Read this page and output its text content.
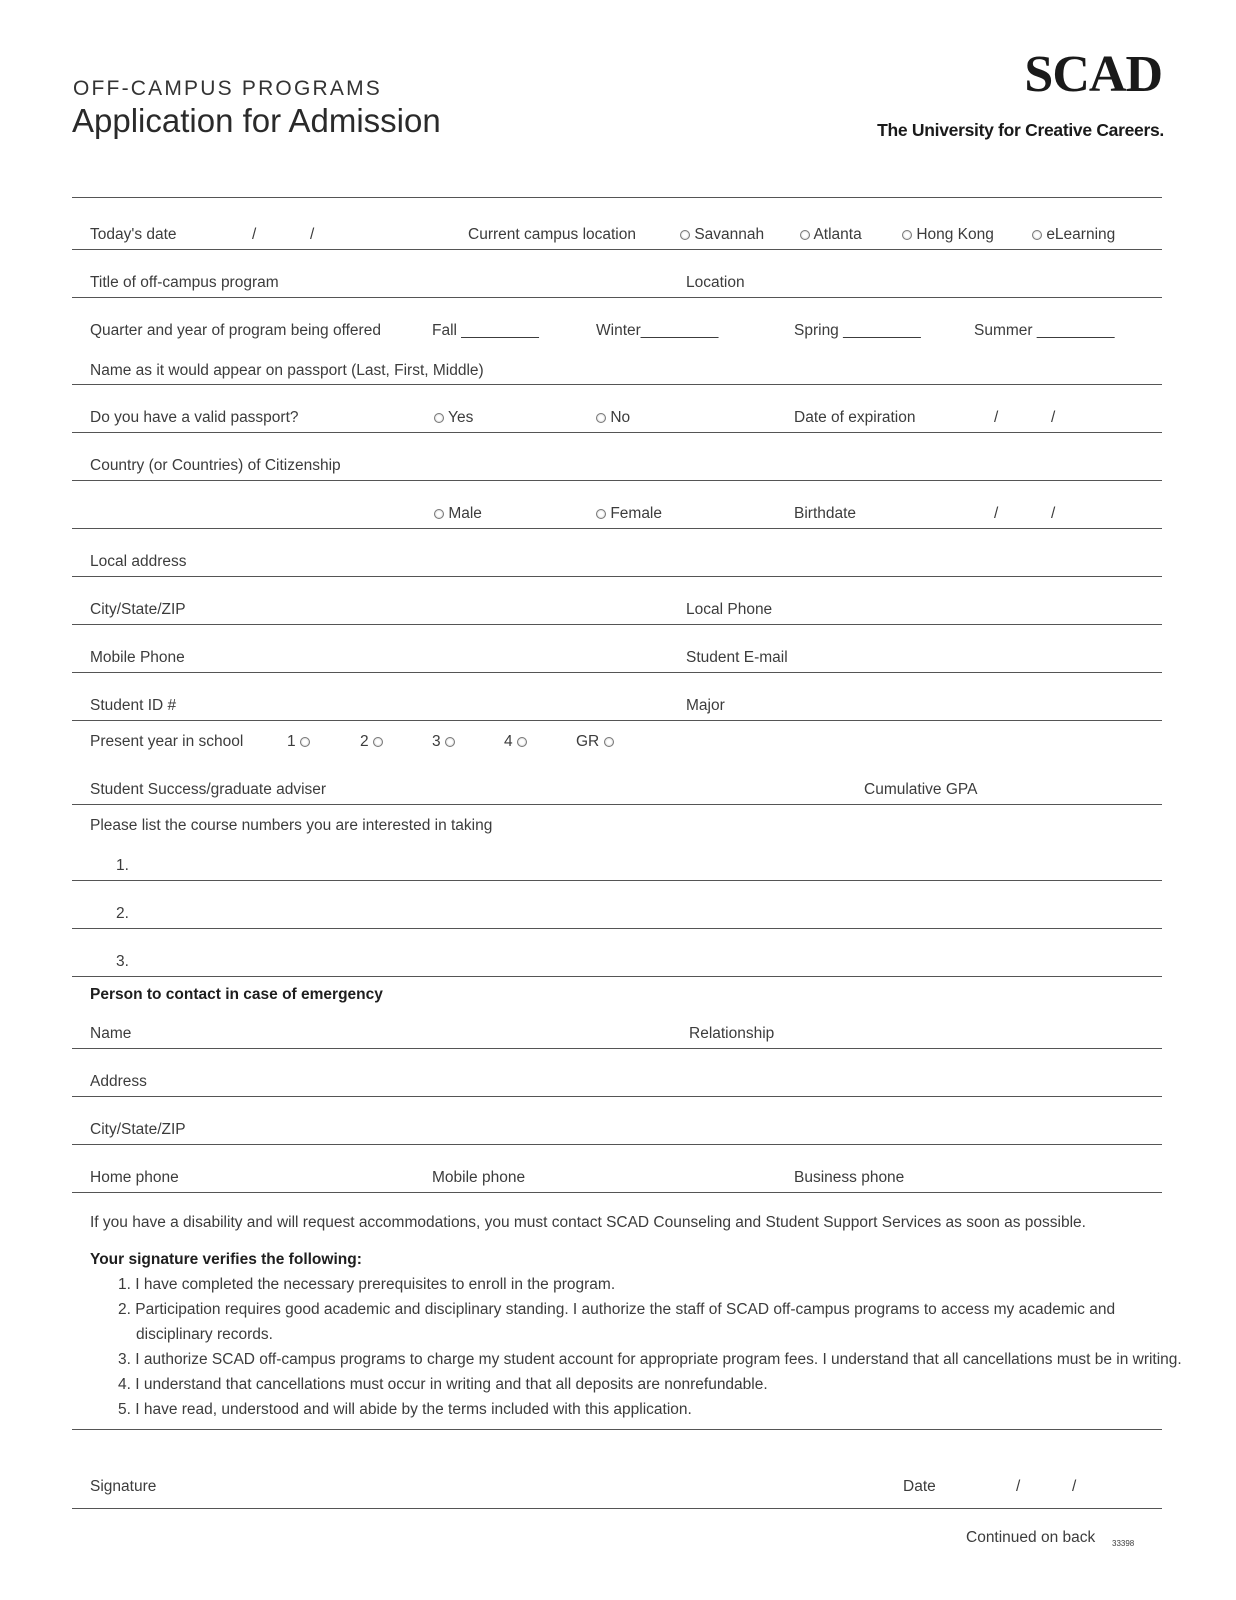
OFF-CAMPUS PROGRAMS
Application for Admission
SCAD
The University for Creative Careers.
Today's date	/	/	Current campus location	Savannah	Atlanta	Hong Kong	eLearning
Title of off-campus program	Location
Quarter and year of program being offered	Fall _________	Winter_________	Spring _________	Summer _________
Name as it would appear on passport (Last, First, Middle)
Do you have a valid passport?	Yes	No	Date of expiration	/	/
Country (or Countries) of Citizenship
Male	Female	Birthdate	/	/
Local address
City/State/ZIP	Local Phone
Mobile Phone	Student E-mail
Student ID #	Major
Present year in school	1	2	3	4	GR
Student Success/graduate adviser	Cumulative GPA
Please list the course numbers you are interested in taking
1.
2.
3.
Person to contact in case of emergency
Name	Relationship
Address
City/State/ZIP
Home phone	Mobile phone	Business phone
If you have a disability and will request accommodations, you must contact SCAD Counseling and Student Support Services as soon as possible.
Your signature verifies the following:
1. I have completed the necessary prerequisites to enroll in the program.
2. Participation requires good academic and disciplinary standing. I authorize the staff of SCAD off-campus programs to access my academic and
disciplinary records.
3. I authorize SCAD off-campus programs to charge my student account for appropriate program fees. I understand that all cancellations must be in writing.
4. I understand that cancellations must occur in writing and that all deposits are nonrefundable.
5. I have read, understood and will abide by the terms included with this application.
Signature	Date	/	/
Continued on back 33398
